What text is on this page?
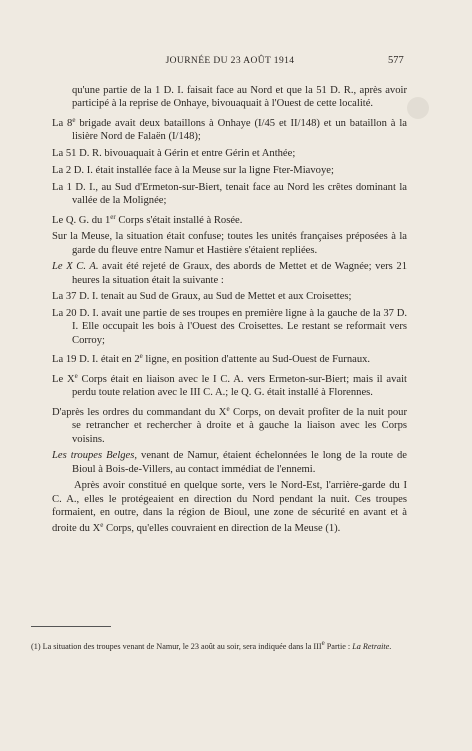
JOURNÉE DU 23 AOÛT 1914	577

qu'une partie de la 1 D. I. faisait face au Nord et que la 51 D. R., après avoir participé à la reprise de Onhaye, bivouaquait à l'Ouest de cette localité.

La 8e brigade avait deux bataillons à Onhaye (I/45 et II/148) et un bataillon à la lisière Nord de Falaën (I/148);

La 51 D. R. bivouaquait à Gérin et entre Gérin et Anthée;

La 2 D. I. était installée face à la Meuse sur la ligne Fter-Miavoye;

La 1 D. I., au Sud d'Ermeton-sur-Biert, tenait face au Nord les crêtes dominant la vallée de la Molignée;

Le Q. G. du 1er Corps s'était installé à Rosée.

Sur la Meuse, la situation était confuse; toutes les unités françaises préposées à la garde du fleuve entre Namur et Hastière s'étaient repliées.

Le X C. A. avait été rejeté de Graux, des abords de Mettet et de Wagnée; vers 21 heures la situation était la suivante :

La 37 D. I. tenait au Sud de Graux, au Sud de Mettet et aux Croisettes;

La 20 D. I. avait une partie de ses troupes en première ligne à la gauche de la 37 D. I. Elle occupait les bois à l'Ouest des Croisettes. Le restant se reformait vers Corroy;

La 19 D. I. était en 2e ligne, en position d'attente au Sud-Ouest de Furnaux.

Le Xe Corps était en liaison avec le I C. A. vers Ermeton-sur-Biert; mais il avait perdu toute relation avec le III C. A.; le Q. G. était installé à Florennes.

D'après les ordres du commandant du Xe Corps, on devait profiter de la nuit pour se retrancher et rechercher à droite et à gauche la liaison avec les Corps voisins.

Les troupes Belges, venant de Namur, étaient échelonnées le long de la route de Bioul à Bois-de-Villers, au contact immédiat de l'ennemi.

Après avoir constitué en quelque sorte, vers le Nord-Est, l'arrière-garde du I C. A., elles le protégeaient en direction du Nord pendant la nuit. Ces troupes formaient, en outre, dans la région de Bioul, une zone de sécurité en avant et à droite du Xe Corps, qu'elles couvraient en direction de la Meuse (1).

(1) La situation des troupes venant de Namur, le 23 août au soir, sera indiquée dans la IIIe Partie : La Retraite.
